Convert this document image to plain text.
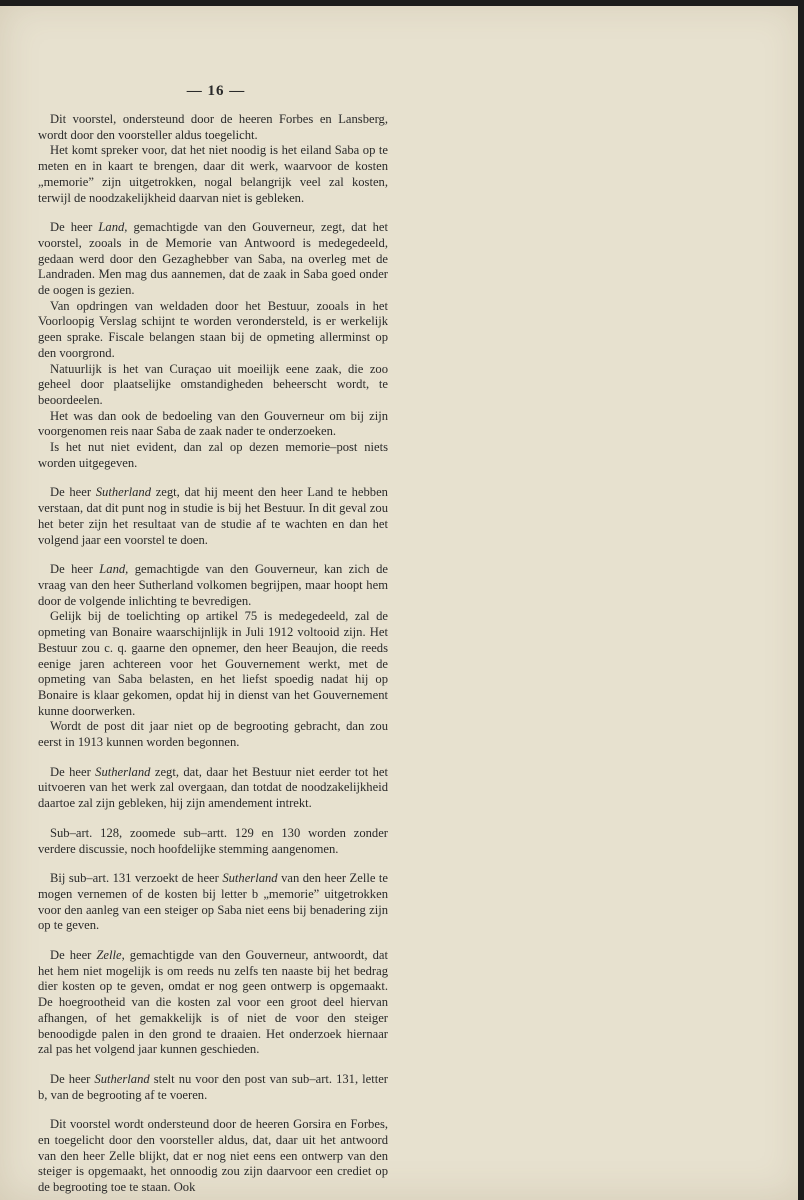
— 16 —

Dit voorstel, ondersteund door de heeren Forbes en Lansberg, wordt door den voorsteller aldus toegelicht.

Het komt spreker voor, dat het niet noodig is het eiland Saba op te meten en in kaart te brengen, daar dit werk, waarvoor de kosten „memorie” zijn uitgetrokken, nogal belangrijk veel zal kosten, terwijl de noodzakelijkheid daarvan niet is gebleken.

De heer Land, gemachtigde van den Gouverneur, zegt, dat het voorstel, zooals in de Memorie van Antwoord is medegedeeld, gedaan werd door den Gezaghebber van Saba, na overleg met de Landraden. Men mag dus aannemen, dat de zaak in Saba goed onder de oogen is gezien.

Van opdringen van weldaden door het Bestuur, zooals in het Voorloopig Verslag schijnt te worden verondersteld, is er werkelijk geen sprake. Fiscale belangen staan bij de opmeting allerminst op den voorgrond.

Natuurlijk is het van Curaçao uit moeilijk eene zaak, die zoo geheel door plaatselijke omstandigheden beheerscht wordt, te beoordeelen.

Het was dan ook de bedoeling van den Gouverneur om bij zijn voorgenomen reis naar Saba de zaak nader te onderzoeken.

Is het nut niet evident, dan zal op dezen memorie–post niets worden uitgegeven.

De heer Sutherland zegt, dat hij meent den heer Land te hebben verstaan, dat dit punt nog in studie is bij het Bestuur. In dit geval zou het beter zijn het resultaat van de studie af te wachten en dan het volgend jaar een voorstel te doen.

De heer Land, gemachtigde van den Gouverneur, kan zich de vraag van den heer Sutherland volkomen begrijpen, maar hoopt hem door de volgende inlichting te bevredigen.

Gelijk bij de toelichting op artikel 75 is medegedeeld, zal de opmeting van Bonaire waarschijnlijk in Juli 1912 voltooid zijn. Het Bestuur zou c. q. gaarne den opnemer, den heer Beaujon, die reeds eenige jaren achtereen voor het Gouvernement werkt, met de opmeting van Saba belasten, en het liefst spoedig nadat hij op Bonaire is klaar gekomen, opdat hij in dienst van het Gouvernement kunne doorwerken.

Wordt de post dit jaar niet op de begrooting gebracht, dan zou eerst in 1913 kunnen worden begonnen.

De heer Sutherland zegt, dat, daar het Bestuur niet eerder tot het uitvoeren van het werk zal overgaan, dan totdat de noodzakelijkheid daartoe zal zijn gebleken, hij zijn amendement intrekt.

Sub–art. 128, zoomede sub–artt. 129 en 130 worden zonder verdere discussie, noch hoofdelijke stemming aangenomen.

Bij sub–art. 131 verzoekt de heer Sutherland van den heer Zelle te mogen vernemen of de kosten bij letter b „memorie” uitgetrokken voor den aanleg van een steiger op Saba niet eens bij benadering zijn op te geven.

De heer Zelle, gemachtigde van den Gouverneur, antwoordt, dat het hem niet mogelijk is om reeds nu zelfs ten naaste bij het bedrag dier kosten op te geven, omdat er nog geen ontwerp is opgemaakt. De hoegrootheid van die kosten zal voor een groot deel hiervan afhangen, of het gemakkelijk is of niet de voor den steiger benoodigde palen in den grond te draaien. Het onderzoek hiernaar zal pas het volgend jaar kunnen geschieden.

De heer Sutherland stelt nu voor den post van sub–art. 131, letter b, van de begrooting af te voeren.

Dit voorstel wordt ondersteund door de heeren Gorsira en Forbes, en toegelicht door den voorsteller aldus, dat, daar uit het antwoord van den heer Zelle blijkt, dat er nog niet eens een ontwerp van den steiger is opgemaakt, het onnoodig zou zijn daarvoor een crediet op de begrooting toe te staan. Ook
